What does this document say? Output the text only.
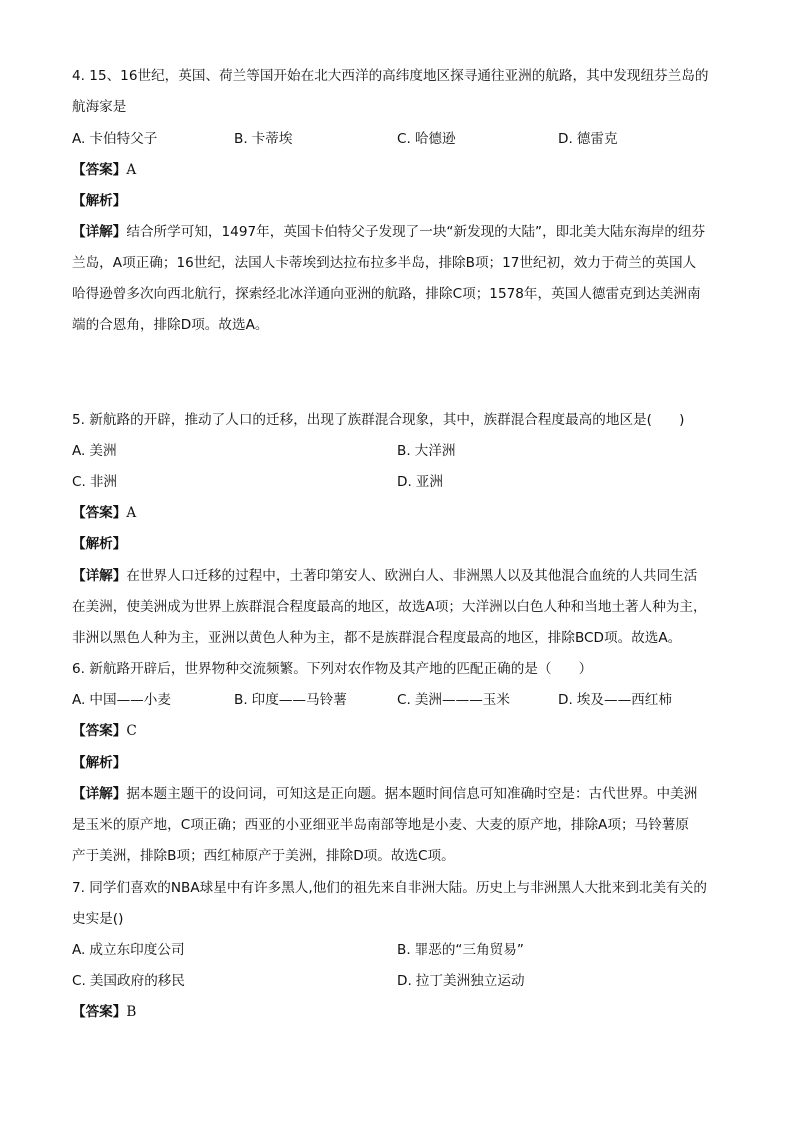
4. 15、16世纪，英国、荷兰等国开始在北大西洋的高纬度地区探寻通往亚洲的航路，其中发现纽芬兰岛的
航海家是
A. 卡伯特父子	B. 卡蒂埃	C. 哈德逊	D. 德雷克
【答案】A
【解析】
【详解】结合所学可知，1497年，英国卡伯特父子发现了一块“新发现的大陆”，即北美大陆东海岸的纽芬
兰岛，A项正确；16世纪，法国人卡蒂埃到达拉布拉多半岛，排除B项；17世纪初，效力于荷兰的英国人
哈得逊曾多次向西北航行，探索经北冰洋通向亚洲的航路，排除C项；1578年，英国人德雷克到达美洲南
端的合恩角，排除D项。故选A。
5. 新航路的开辟，推动了人口的迁移，出现了族群混合现象，其中，族群混合程度最高的地区是(　　)
A. 美洲	B. 大洋洲
C. 非洲	D. 亚洲
【答案】A
【解析】
【详解】在世界人口迁移的过程中，土著印第安人、欧洲白人、非洲黑人以及其他混合血统的人共同生活
在美洲，使美洲成为世界上族群混合程度最高的地区，故选A项；大洋洲以白色人种和当地土著人种为主，
非洲以黑色人种为主，亚洲以黄色人种为主，都不是族群混合程度最高的地区，排除BCD项。故选A。
6. 新航路开辟后，世界物种交流频繁。下列对农作物及其产地的匹配正确的是（　　）
A. 中国——小麦	B. 印度——马铃薯	C. 美洲———玉米	D. 埃及——西红柿
【答案】C
【解析】
【详解】据本题主题干的设问词，可知这是正向题。据本题时间信息可知准确时空是：古代世界。中美洲
是玉米的原产地，C项正确；西亚的小亚细亚半岛南部等地是小麦、大麦的原产地，排除A项；马铃薯原
产于美洲，排除B项；西红柿原产于美洲，排除D项。故选C项。
7. 同学们喜欢的NBA球星中有许多黑人,他们的祖先来自非洲大陆。历史上与非洲黑人大批来到北美有关的
史实是()
A. 成立东印度公司	B. 罪恶的“三角贸易”
C. 美国政府的移民	D. 拉丁美洲独立运动
【答案】B
